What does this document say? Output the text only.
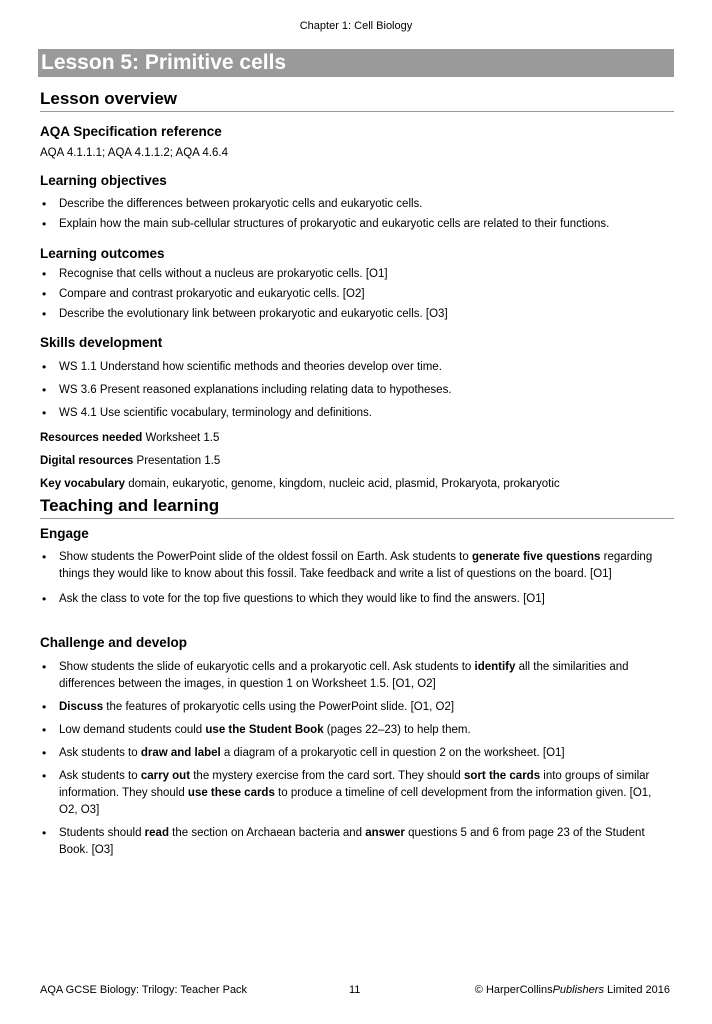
Chapter 1: Cell Biology
Lesson 5: Primitive cells
Lesson overview
AQA Specification reference
AQA 4.1.1.1; AQA 4.1.1.2; AQA 4.6.4
Learning objectives
• Describe the differences between prokaryotic cells and eukaryotic cells.
• Explain how the main sub-cellular structures of prokaryotic and eukaryotic cells are related to their functions.
Learning outcomes
• Recognise that cells without a nucleus are prokaryotic cells. [O1]
• Compare and contrast prokaryotic and eukaryotic cells. [O2]
• Describe the evolutionary link between prokaryotic and eukaryotic cells. [O3]
Skills development
• WS 1.1 Understand how scientific methods and theories develop over time.
• WS 3.6 Present reasoned explanations including relating data to hypotheses.
• WS 4.1 Use scientific vocabulary, terminology and definitions.
Resources needed Worksheet 1.5
Digital resources Presentation 1.5
Key vocabulary domain, eukaryotic, genome, kingdom, nucleic acid, plasmid, Prokaryota, prokaryotic
Teaching and learning
Engage
• Show students the PowerPoint slide of the oldest fossil on Earth. Ask students to generate five questions regarding things they would like to know about this fossil. Take feedback and write a list of questions on the board. [O1]
• Ask the class to vote for the top five questions to which they would like to find the answers. [O1]
Challenge and develop
• Show students the slide of eukaryotic cells and a prokaryotic cell. Ask students to identify all the similarities and differences between the images, in question 1 on Worksheet 1.5. [O1, O2]
• Discuss the features of prokaryotic cells using the PowerPoint slide. [O1, O2]
• Low demand students could use the Student Book (pages 22–23) to help them.
• Ask students to draw and label a diagram of a prokaryotic cell in question 2 on the worksheet. [O1]
• Ask students to carry out the mystery exercise from the card sort. They should sort the cards into groups of similar information. They should use these cards to produce a timeline of cell development from the information given. [O1, O2, O3]
• Students should read the section on Archaean bacteria and answer questions 5 and 6 from page 23 of the Student Book. [O3]
AQA GCSE Biology: Trilogy: Teacher Pack	11	© HarperCollinsPublishers Limited 2016
